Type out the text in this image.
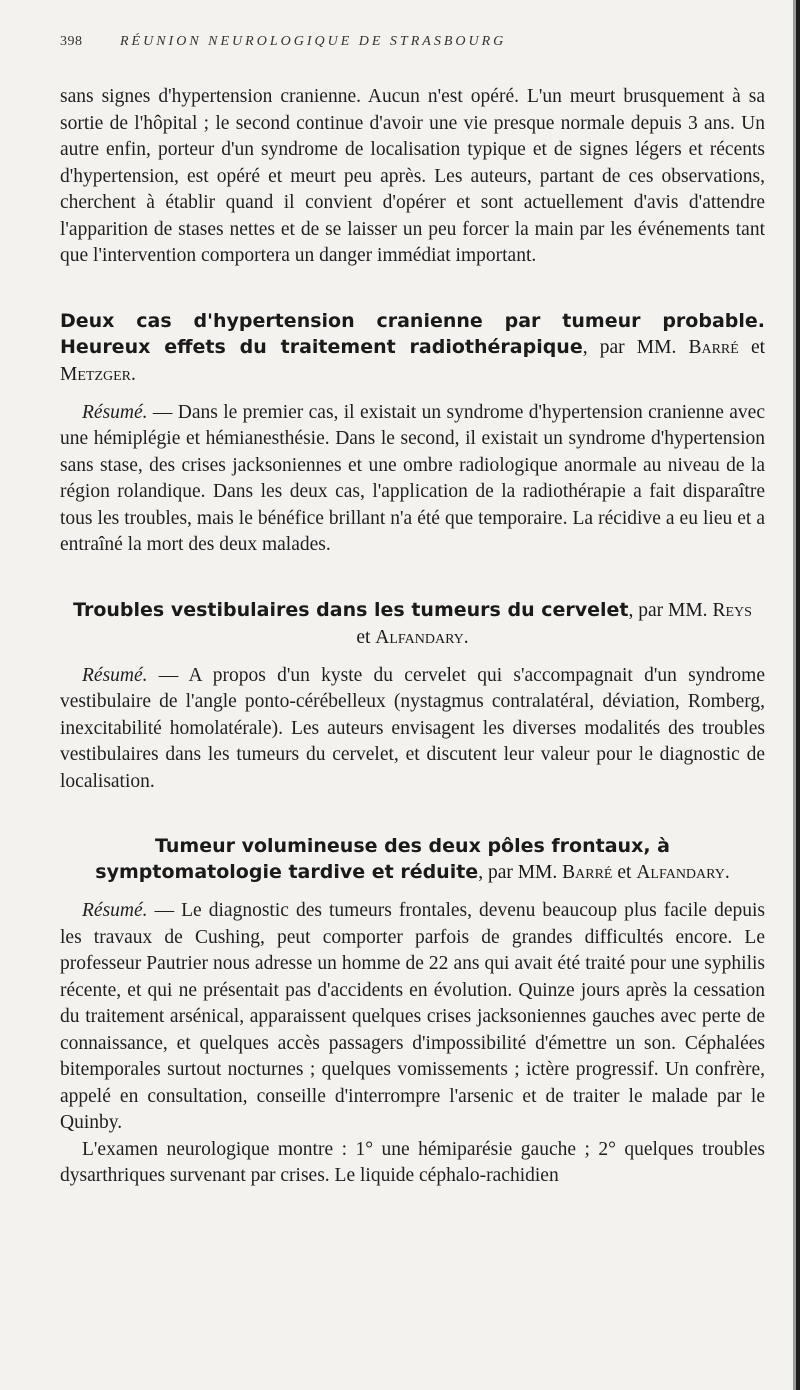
398	RÉUNION NEUROLOGIQUE DE STRASBOURG

sans signes d'hypertension cranienne. Aucun n'est opéré. L'un meurt brusquement à sa sortie de l'hôpital ; le second continue d'avoir une vie presque normale depuis 3 ans. Un autre enfin, porteur d'un syndrome de localisation typique et de signes légers et récents d'hypertension, est opéré et meurt peu après. Les auteurs, partant de ces observations, cherchent à établir quand il convient d'opérer et sont actuellement d'avis d'attendre l'apparition de stases nettes et de se laisser un peu forcer la main par les événements tant que l'intervention comportera un danger immédiat important.

Deux cas d'hypertension cranienne par tumeur probable. Heureux effets du traitement radiothérapique, par MM. Barré et Metzger.

Résumé. — Dans le premier cas, il existait un syndrome d'hypertension cranienne avec une hémiplégie et hémianesthésie. Dans le second, il existait un syndrome d'hypertension sans stase, des crises jacksoniennes et une ombre radiologique anormale au niveau de la région rolandique. Dans les deux cas, l'application de la radiothérapie a fait disparaître tous les troubles, mais le bénéfice brillant n'a été que temporaire. La récidive a eu lieu et a entraîné la mort des deux malades.

Troubles vestibulaires dans les tumeurs du cervelet, par MM. Reys
et Alfandary.

Résumé. — A propos d'un kyste du cervelet qui s'accompagnait d'un syndrome vestibulaire de l'angle ponto-cérébelleux (nystagmus contralatéral, déviation, Romberg, inexcitabilité homolatérale). Les auteurs envisagent les diverses modalités des troubles vestibulaires dans les tumeurs du cervelet, et discutent leur valeur pour le diagnostic de localisation.

Tumeur volumineuse des deux pôles frontaux, à symptomatologie tardive et réduite, par MM. Barré et Alfandary.

Résumé. — Le diagnostic des tumeurs frontales, devenu beaucoup plus facile depuis les travaux de Cushing, peut comporter parfois de grandes difficultés encore. Le professeur Pautrier nous adresse un homme de 22 ans qui avait été traité pour une syphilis récente, et qui ne présentait pas d'accidents en évolution. Quinze jours après la cessation du traitement arsénical, apparaissent quelques crises jacksoniennes gauches avec perte de connaissance, et quelques accès passagers d'impossibilité d'émettre un son. Céphalées bitemporales surtout nocturnes ; quelques vomissements ; ictère progressif. Un confrère, appelé en consultation, conseille d'interrompre l'arsenic et de traiter le malade par le Quinby.

L'examen neurologique montre : 1° une hémiparésie gauche ; 2° quelques troubles dysarthriques survenant par crises. Le liquide céphalo-rachidien
